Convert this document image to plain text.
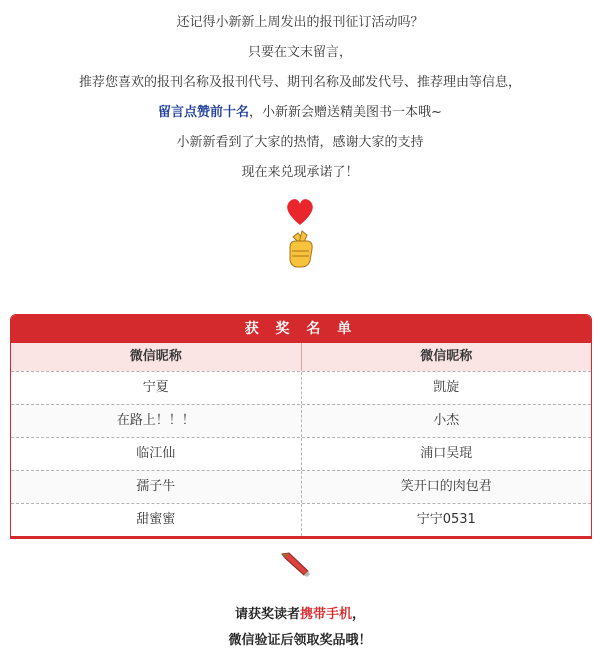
还记得小新新上周发出的报刊征订活动吗？

只要在文末留言，

推荐您喜欢的报刊名称及报刊代号、期刊名称及邮发代号、推荐理由等信息，

留言点赞前十名，小新新会赠送精美图书一本哦~

小新新看到了大家的热情，感谢大家的支持

现在来兑现承诺了！

获 奖 名 单
微信昵称	微信昵称
宁夏	凯旋
在路上！！！	小杰
临江仙	浦口吴琨
孺子牛	笑开口的肉包君
甜蜜蜜	宁宁0531

请获奖读者携带手机，

微信验证后领取奖品哦！
